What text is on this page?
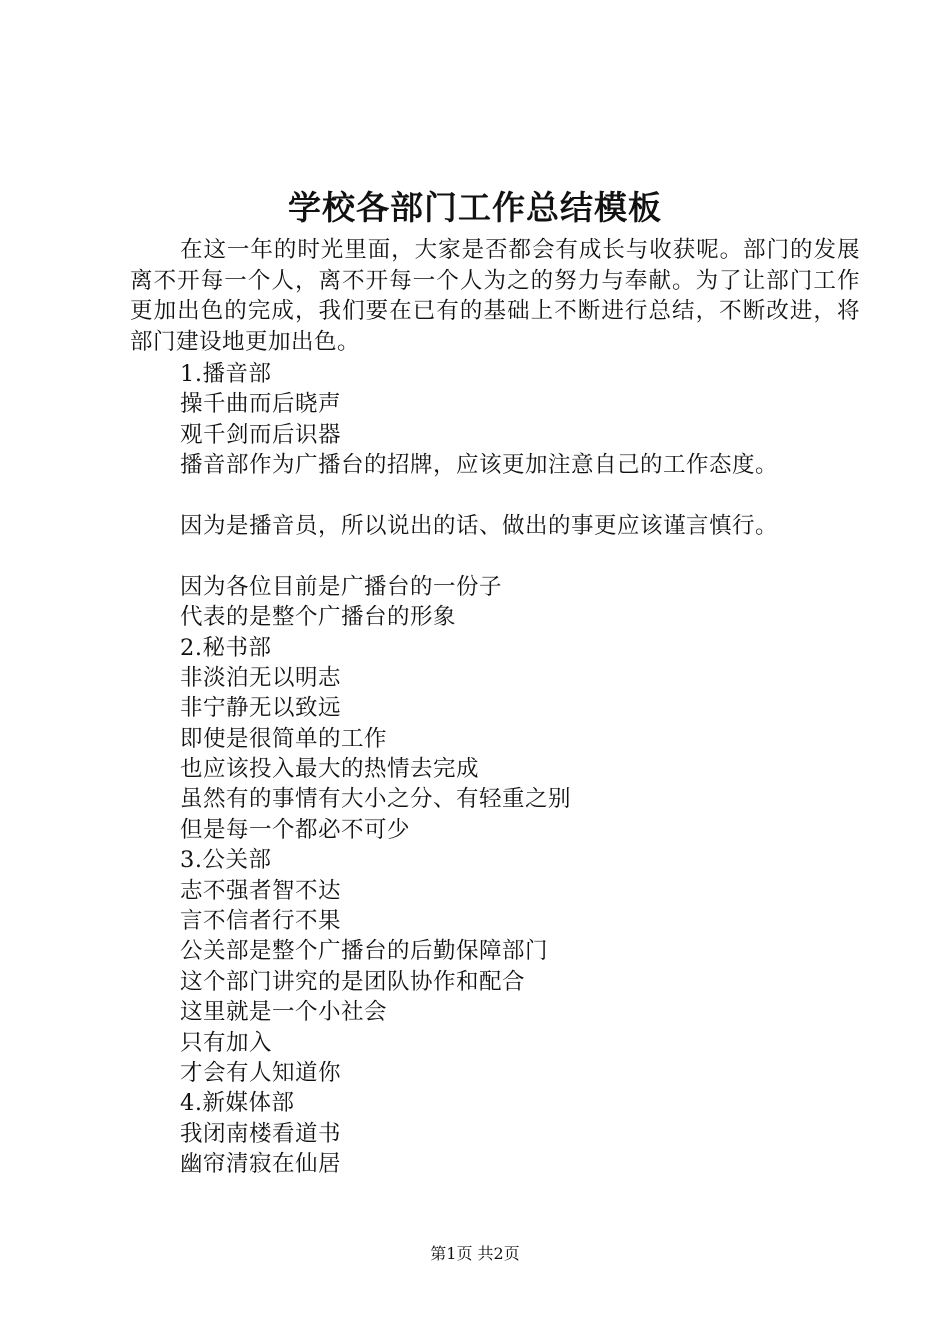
学校各部门工作总结模板
在这一年的时光里面，大家是否都会有成长与收获呢。部门的发展离不开每一个人，离不开每一个人为之的努力与奉献。为了让部门工作更加出色的完成，我们要在已有的基础上不断进行总结，不断改进，将部门建设地更加出色。
1.播音部
操千曲而后晓声
观千剑而后识器
播音部作为广播台的招牌，应该更加注意自己的工作态度。
因为是播音员，所以说出的话、做出的事更应该谨言慎行。
因为各位目前是广播台的一份子
代表的是整个广播台的形象
2.秘书部
非淡泊无以明志
非宁静无以致远
即使是很简单的工作
也应该投入最大的热情去完成
虽然有的事情有大小之分、有轻重之别
但是每一个都必不可少
3.公关部
志不强者智不达
言不信者行不果
公关部是整个广播台的后勤保障部门
这个部门讲究的是团队协作和配合
这里就是一个小社会
只有加入
才会有人知道你
4.新媒体部
我闭南楼看道书
幽帘清寂在仙居
第1页 共2页
